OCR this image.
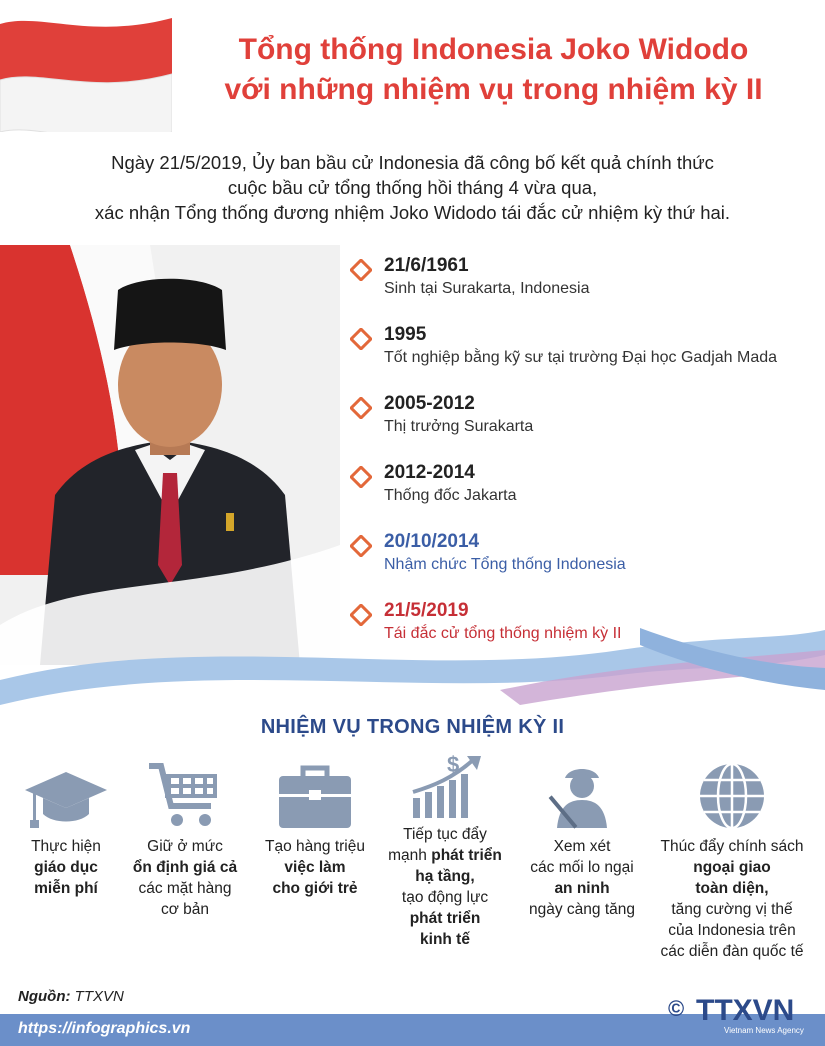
Tổng thống Indonesia Joko Widodo
với những nhiệm vụ trong nhiệm kỳ II
Ngày 21/5/2019, Ủy ban bầu cử Indonesia đã công bố kết quả chính thức
cuộc bầu cử tổng thống hồi tháng 4 vừa qua,
xác nhận Tổng thống đương nhiệm Joko Widodo tái đắc cử nhiệm kỳ thứ hai.
21/6/1961
Sinh tại Surakarta, Indonesia
1995
Tốt nghiệp bằng kỹ sư tại trường Đại học Gadjah Mada
2005-2012
Thị trưởng Surakarta
2012-2014
Thống đốc Jakarta
20/10/2014
Nhậm chức Tổng thống Indonesia
21/5/2019
Tái đắc cử tổng thống nhiệm kỳ II
NHIỆM VỤ TRONG NHIỆM KỲ II
Thực hiện
giáo dục
miễn phí
Giữ ở mức
ổn định giá cả
các mặt hàng
cơ bản
Tạo hàng triệu
việc làm
cho giới trẻ
$
Tiếp tục đẩy
mạnh phát triển
hạ tầng,
tạo động lực
phát triển
kinh tế
Xem xét
các mối lo ngại
an ninh
ngày càng tăng
Thúc đẩy chính sách
ngoại giao
toàn diện,
tăng cường vị thế
của Indonesia trên
các diễn đàn quốc tế
Nguồn: TTXVN
https://infographics.vn
© TTXVN
Vietnam News Agency
